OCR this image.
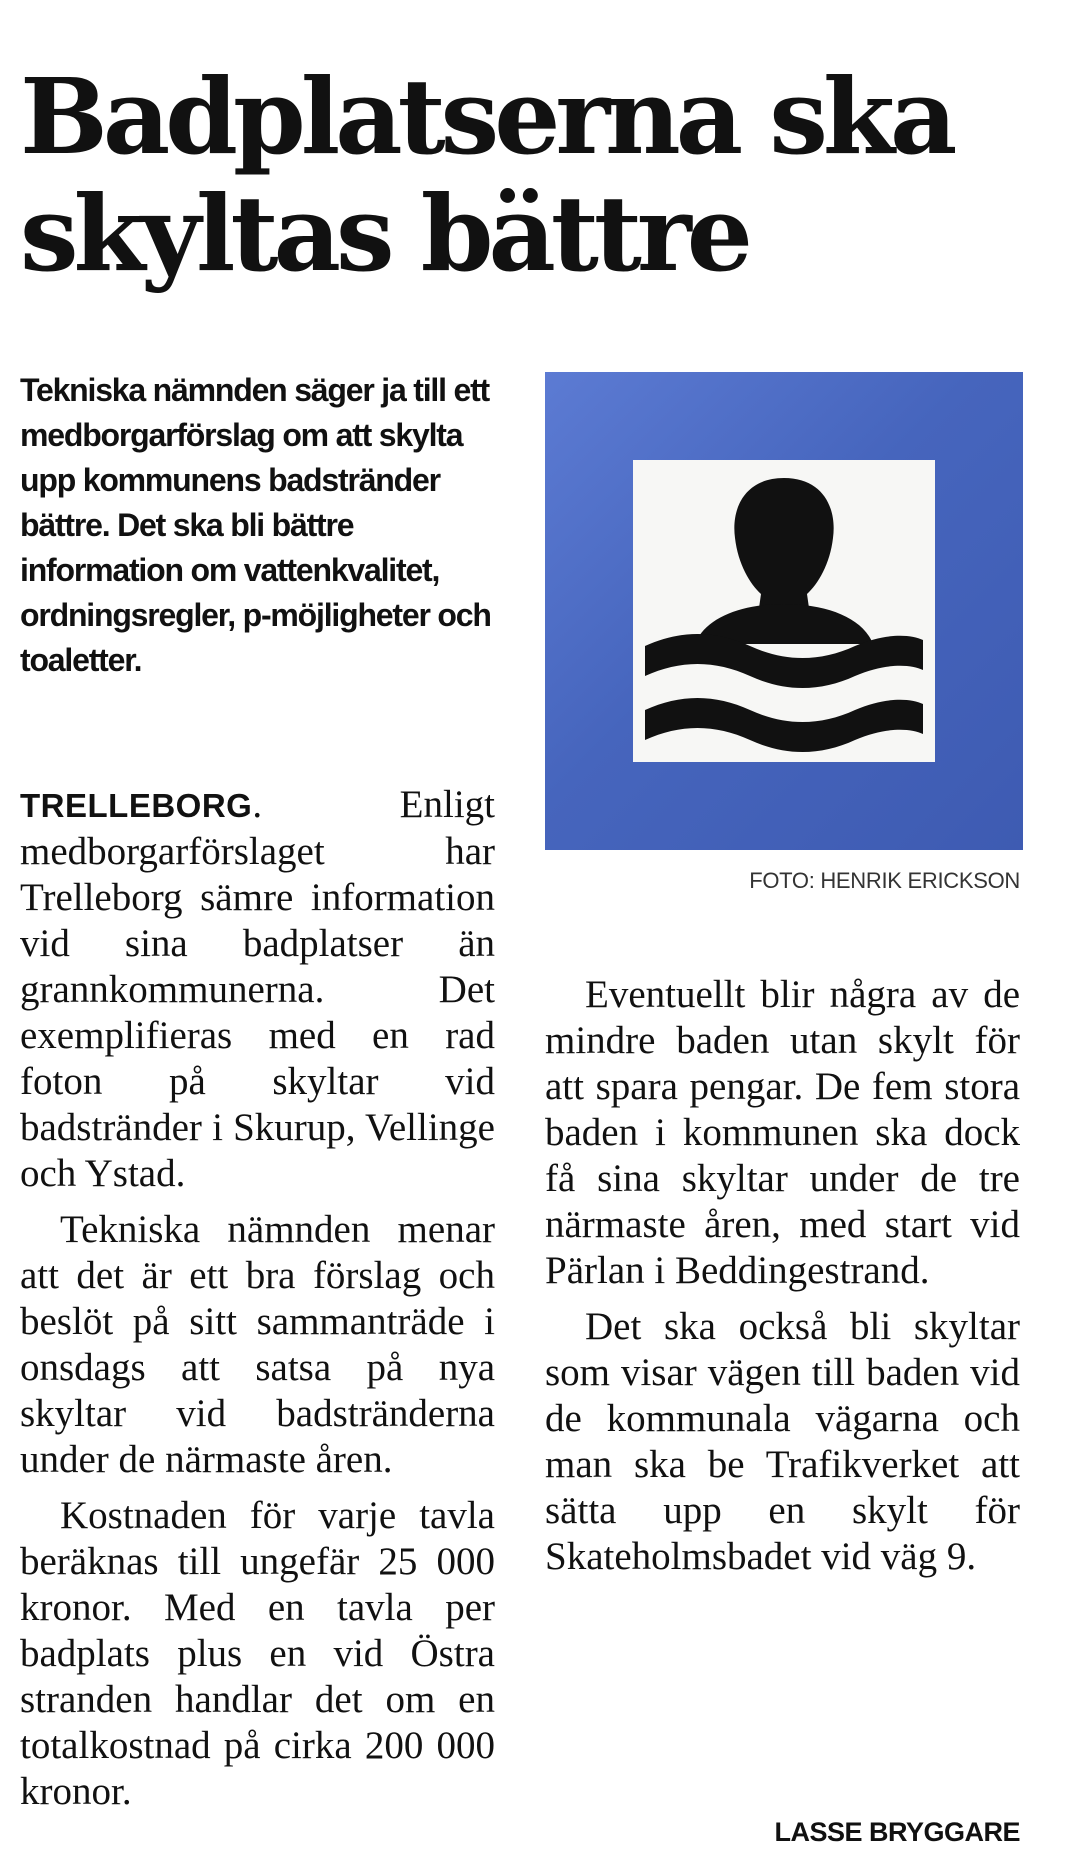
Badplatserna ska skyltas bättre

Tekniska nämnden säger ja till ett medborgarförslag om att skylta upp kommunens badstränder bättre. Det ska bli bättre information om vattenkvalitet, ordningsregler, p-möjligheter och toaletter.

FOTO: HENRIK ERICKSON

TRELLEBORG. Enligt medborgarförslaget har Trelleborg sämre information vid sina badplatser än grannkommunerna. Det exemplifieras med en rad foton på skyltar vid badstränder i Skurup, Vellinge och Ystad.

Tekniska nämnden menar att det är ett bra förslag och beslöt på sitt sammanträde i onsdags att satsa på nya skyltar vid badstränderna under de närmaste åren.

Kostnaden för varje tavla beräknas till ungefär 25 000 kronor. Med en tavla per badplats plus en vid Östra stranden handlar det om en totalkostnad på cirka 200 000 kronor.

Eventuellt blir några av de mindre baden utan skylt för att spara pengar. De fem stora baden i kommunen ska dock få sina skyltar under de tre närmaste åren, med start vid Pärlan i Beddingestrand.

Det ska också bli skyltar som visar vägen till baden vid de kommunala vägarna och man ska be Trafikverket att sätta upp en skylt för Skateholmsbadet vid väg 9.

LASSE BRYGGARE
